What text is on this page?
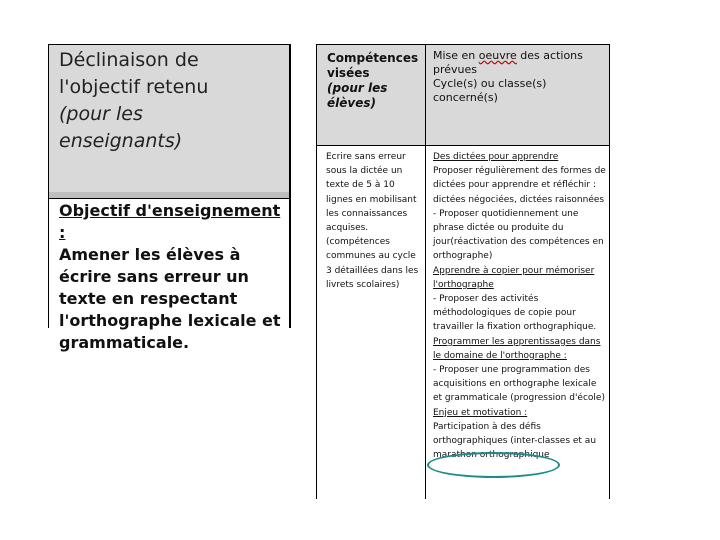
Déclinaison de
l'objectif retenu
(pour les
enseignants)
Objectif d'enseignement :
Amener les élèves à écrire sans erreur un texte en respectant l'orthographe lexicale et grammaticale.
Compétences
visées
(pour les
élèves)
Mise en oeuvre des actions
prévues
Cycle(s) ou classe(s)
concerné(s)
Ecrire sans erreur sous la dictée un texte de 5 à 10 lignes en mobilisant les connaissances acquises. (compétences communes au cycle 3 détaillées dans les livrets scolaires)
Des dictées pour apprendre
Proposer régulièrement des formes de dictées pour apprendre et réfléchir : dictées négociées, dictées raisonnées
- Proposer quotidiennement une phrase dictée ou produite du jour(réactivation des compétences en orthographe)
Apprendre à copier pour mémoriser l'orthographe
- Proposer des activités méthodologiques de copie pour travailler la fixation orthographique.
Programmer les apprentissages dans le domaine de l'orthographe :
- Proposer une programmation des acquisitions en orthographe lexicale et grammaticale (progression d'école)
Enjeu et motivation :
Participation à des défis orthographiques (inter-classes et au marathon orthographique
